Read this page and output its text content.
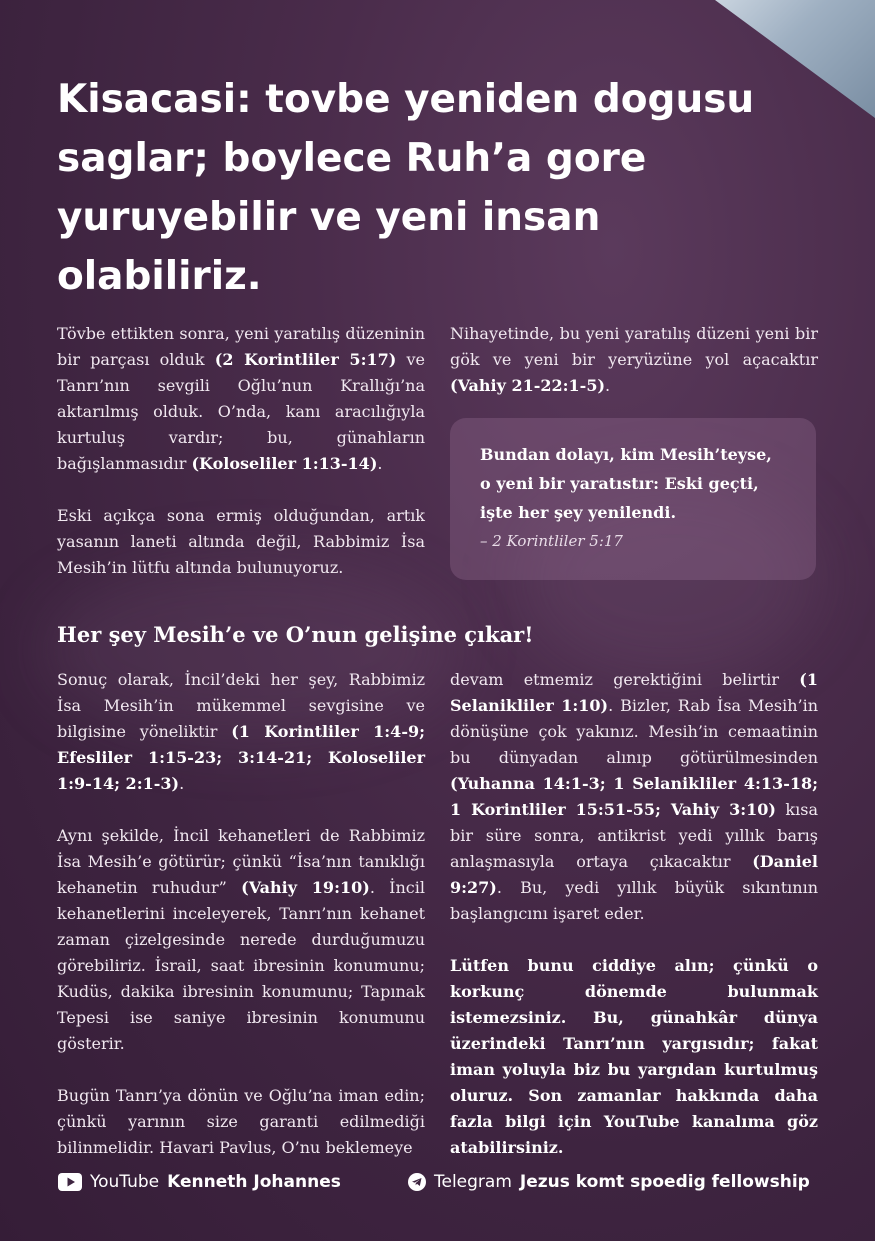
Kisacasi: tovbe yeniden dogusu saglar; boylece Ruh’a gore yuruyebilir ve yeni insan olabiliriz.

Tövbe ettikten sonra, yeni yaratılış düzeninin bir parçası olduk (2 Korintliler 5:17) ve Tanrı’nın sevgili Oğlu’nun Krallığı’na aktarılmış olduk. O’nda, kanı aracılığıyla kurtuluş vardır; bu, günahların bağışlanmasıdır (Koloseliler 1:13-14).

Eski açıkça sona ermiş olduğundan, artık yasanın laneti altında değil, Rabbimiz İsa Mesih’in lütfu altında bulunuyoruz.

Nihayetinde, bu yeni yaratılış düzeni yeni bir gök ve yeni bir yeryüzüne yol açacaktır (Vahiy 21-22:1-5).

Bundan dolayı, kim Mesih’teyse, o yeni bir yaratıstır: Eski geçti, işte her şey yenilendi.
– 2 Korintliler 5:17
Her şey Mesih’e ve O’nun gelişine çıkar!

Sonuç olarak, İncil’deki her şey, Rabbimiz İsa Mesih’in mükemmel sevgisine ve bilgisine yöneliktir (1 Korintliler 1:4-9; Efesliler 1:15-23; 3:14-21; Koloseliler 1:9-14; 2:1-3).

Aynı şekilde, İncil kehanetleri de Rabbimiz İsa Mesih’e götürür; çünkü “İsa’nın tanıklığı kehanetin ruhudur” (Vahiy 19:10). İncil kehanetlerini inceleyerek, Tanrı’nın kehanet zaman çizelgesinde nerede durduğumuzu görebiliriz. İsrail, saat ibresinin konumunu; Kudüs, dakika ibresinin konumunu; Tapınak Tepesi ise saniye ibresinin konumunu gösterir.

Bugün Tanrı’ya dönün ve Oğlu’na iman edin; çünkü yarının size garanti edilmediği bilinmelidir. Havari Pavlus, O’nu beklemeye

devam etmemiz gerektiğini belirtir (1 Selanikliler 1:10). Bizler, Rab İsa Mesih’in dönüşüne çok yakınız. Mesih’in cemaatinin bu dünyadan alınıp götürülmesinden (Yuhanna 14:1-3; 1 Selanikliler 4:13-18; 1 Korintliler 15:51-55; Vahiy 3:10) kısa bir süre sonra, antikrist yedi yıllık barış anlaşmasıyla ortaya çıkacaktır (Daniel 9:27). Bu, yedi yıllık büyük sıkıntının başlangıcını işaret eder.

Lütfen bunu ciddiye alın; çünkü o korkunç dönemde bulunmak istemezsiniz. Bu, günahkâr dünya üzerindeki Tanrı’nın yargısıdır; fakat iman yoluyla biz bu yargıdan kurtulmuş oluruz. Son zamanlar hakkında daha fazla bilgi için YouTube kanalıma göz atabilirsiniz.

YouTube Kenneth Johannes	Telegram Jezus komt spoedig fellowship
